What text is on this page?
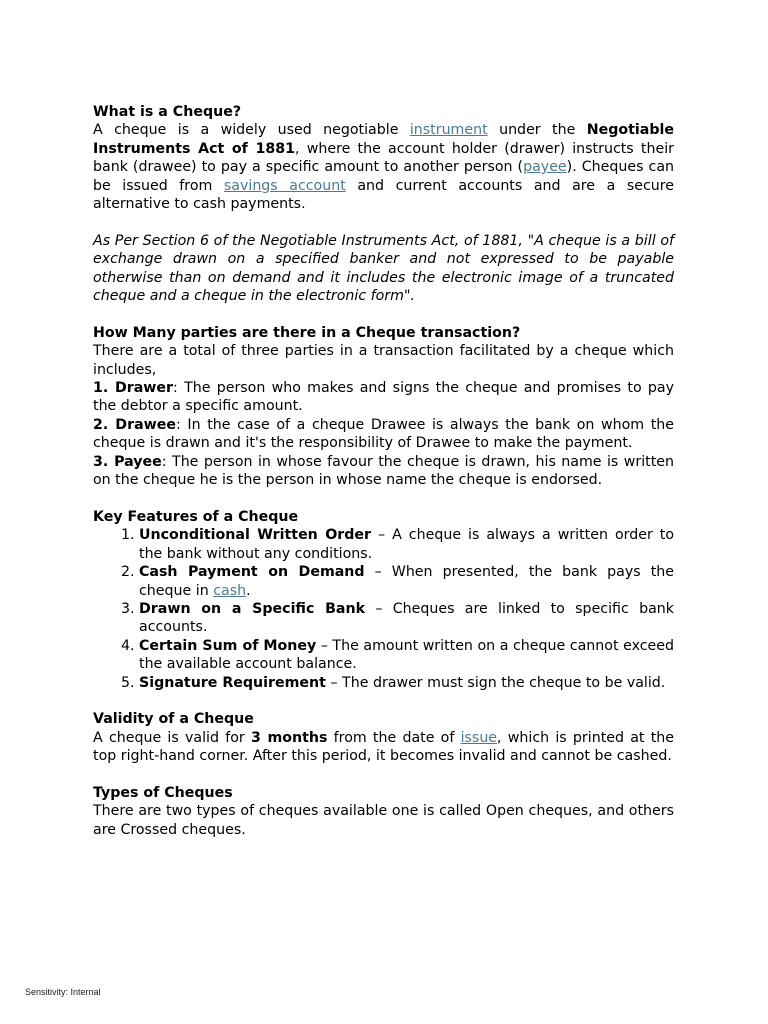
What is a Cheque?

A cheque is a widely used negotiable instrument under the Negotiable Instruments Act of 1881, where the account holder (drawer) instructs their bank (drawee) to pay a specific amount to another person (payee). Cheques can be issued from savings account and current accounts and are a secure alternative to cash payments.

As Per Section 6 of the Negotiable Instruments Act, of 1881, "A cheque is a bill of exchange drawn on a specified banker and not expressed to be payable otherwise than on demand and it includes the electronic image of a truncated cheque and a cheque in the electronic form".

How Many parties are there in a Cheque transaction?

There are a total of three parties in a transaction facilitated by a cheque which includes,

1. Drawer: The person who makes and signs the cheque and promises to pay the debtor a specific amount.

2. Drawee: In the case of a cheque Drawee is always the bank on whom the cheque is drawn and it's the responsibility of Drawee to make the payment.

3. Payee: The person in whose favour the cheque is drawn, his name is written on the cheque he is the person in whose name the cheque is endorsed.

Key Features of a Cheque

1. Unconditional Written Order – A cheque is always a written order to the bank without any conditions.
2. Cash Payment on Demand – When presented, the bank pays the cheque in cash.
3. Drawn on a Specific Bank – Cheques are linked to specific bank accounts.
4. Certain Sum of Money – The amount written on a cheque cannot exceed the available account balance.
5. Signature Requirement – The drawer must sign the cheque to be valid.

Validity of a Cheque

A cheque is valid for 3 months from the date of issue, which is printed at the top right-hand corner. After this period, it becomes invalid and cannot be cashed.

Types of Cheques

There are two types of cheques available one is called Open cheques, and others are Crossed cheques.

Sensitivity: Internal
